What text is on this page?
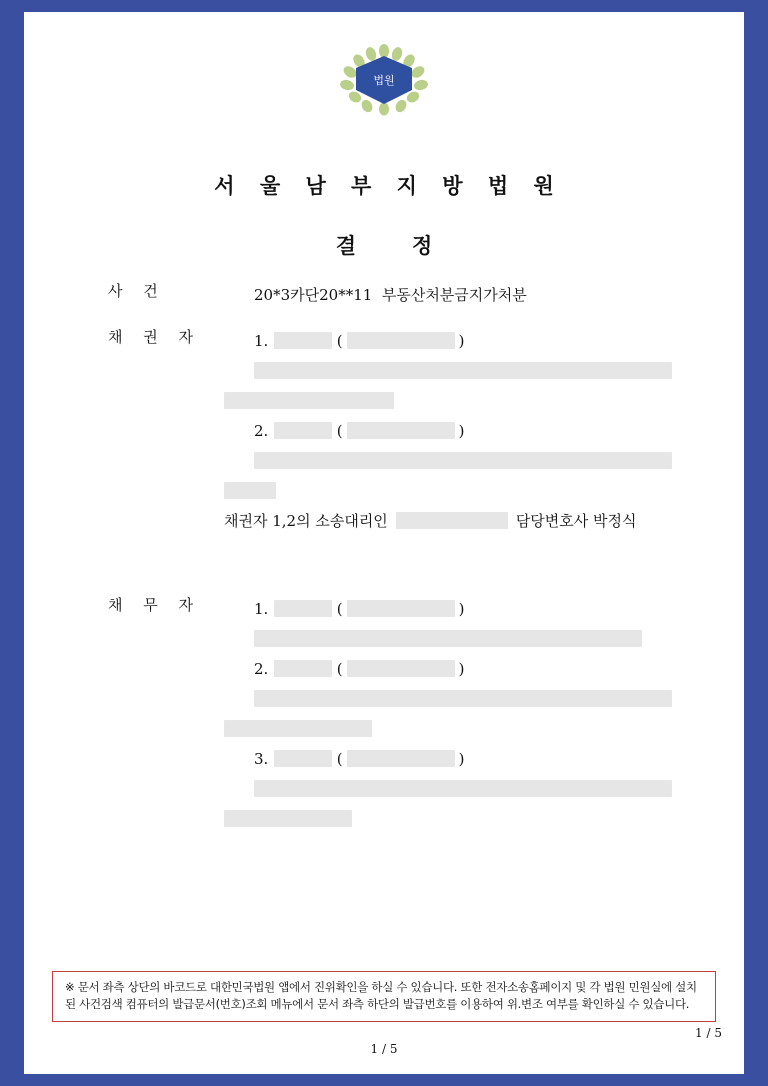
법원
서 울 남 부 지 방 법 원
결	정
사 건	20*3카단20**11 부동산처분금지가처분
채 권 자	1.	(	)
2.	(	)
채권자 1,2의 소송대리인	담당변호사 박정식
채 무 자	1.	(	)
2.	(	)
3.	(	)
※ 문서 좌측 상단의 바코드로 대한민국법원 앱에서 진위확인을 하실 수 있습니다. 또한 전자소송홈페이지 및 각 법원 민원실에 설치된 사건검색 컴퓨터의 발급문서(번호)조회 메뉴에서 문서 좌측 하단의 발급번호를 이용하여 위.변조 여부를 확인하실 수 있습니다.
1 / 5
1 / 5
